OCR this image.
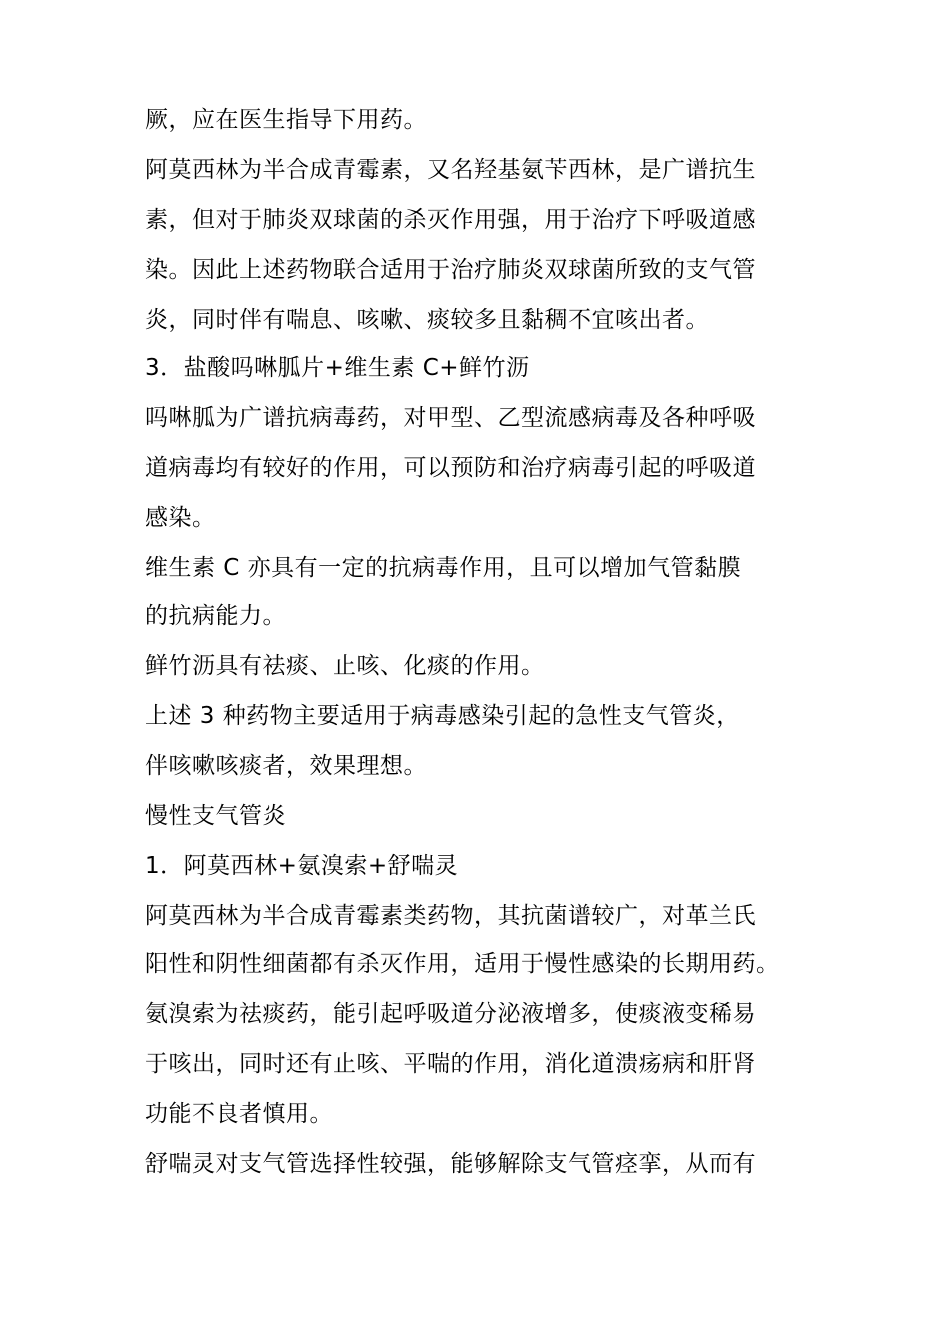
厥，应在医生指导下用药。
阿莫西林为半合成青霉素，又名羟基氨苄西林，是广谱抗生
素，但对于肺炎双球菌的杀灭作用强，用于治疗下呼吸道感
染。因此上述药物联合适用于治疗肺炎双球菌所致的支气管
炎，同时伴有喘息、咳嗽、痰较多且黏稠不宜咳出者。
3．盐酸吗啉胍片+维生素 C+鲜竹沥
吗啉胍为广谱抗病毒药，对甲型、乙型流感病毒及各种呼吸
道病毒均有较好的作用，可以预防和治疗病毒引起的呼吸道
感染。
维生素 C 亦具有一定的抗病毒作用，且可以增加气管黏膜
的抗病能力。
鲜竹沥具有祛痰、止咳、化痰的作用。
上述 3 种药物主要适用于病毒感染引起的急性支气管炎，
伴咳嗽咳痰者，效果理想。
慢性支气管炎
1．阿莫西林+氨溴索+舒喘灵
阿莫西林为半合成青霉素类药物，其抗菌谱较广，对革兰氏
阳性和阴性细菌都有杀灭作用，适用于慢性感染的长期用药。
氨溴索为祛痰药，能引起呼吸道分泌液增多，使痰液变稀易
于咳出，同时还有止咳、平喘的作用，消化道溃疡病和肝肾
功能不良者慎用。
舒喘灵对支气管选择性较强，能够解除支气管痉挛，从而有
